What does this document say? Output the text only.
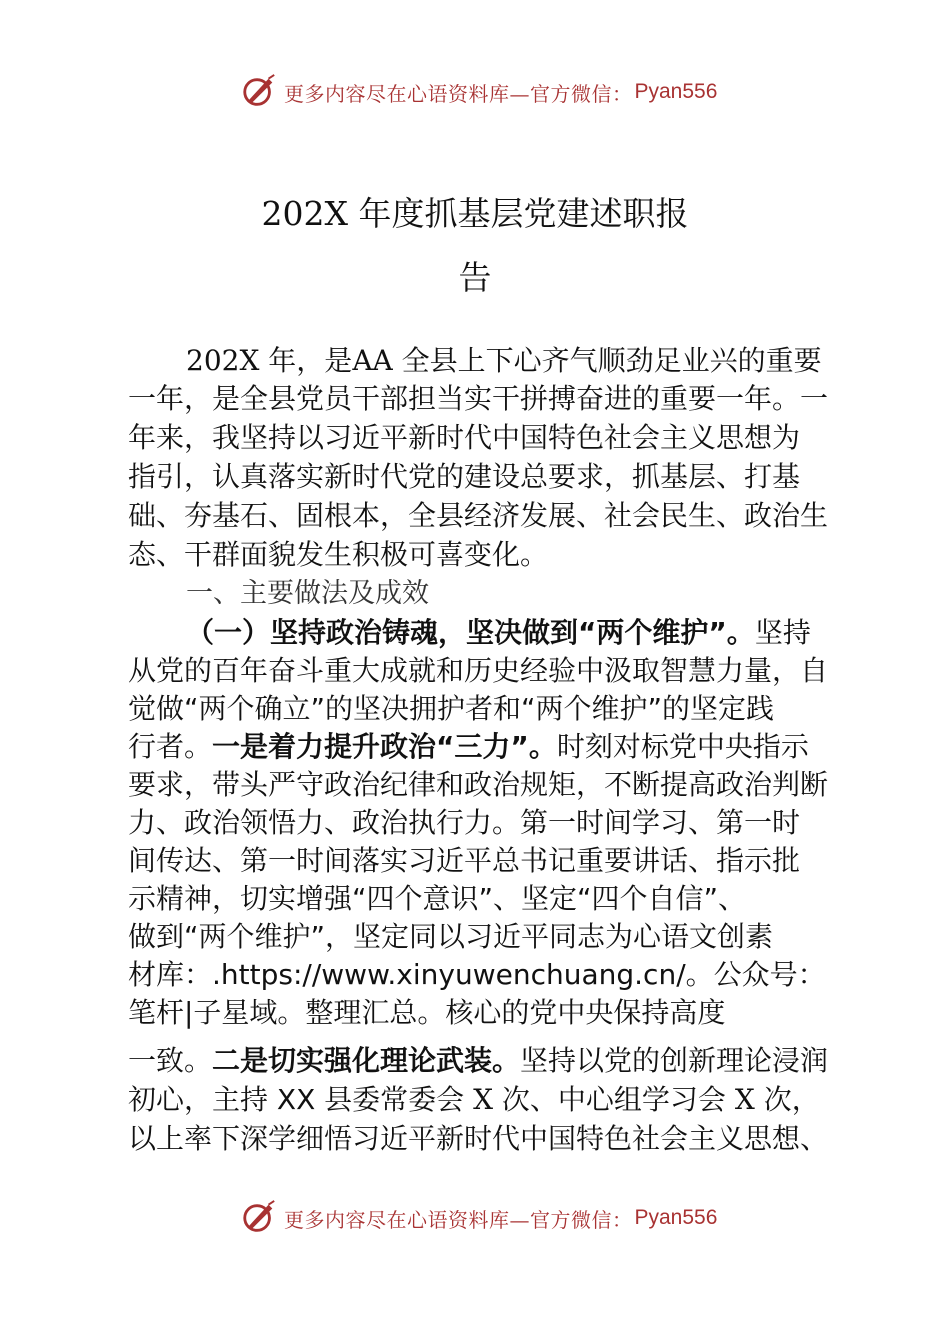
更多内容尽在心语资料库—官方微信： Pyan556
202X 年度抓基层党建述职报
告
202X 年，是AA 全县上下心齐气顺劲足业兴的重要
一年，是全县党员干部担当实干拼搏奋进的重要一年。一
年来，我坚持以习近平新时代中国特色社会主义思想为
指引，认真落实新时代党的建设总要求，抓基层、打基
础、夯基石、固根本，全县经济发展、社会民生、政治生
态、干群面貌发生积极可喜变化。
一、主要做法及成效
（一）坚持政治铸魂，坚决做到“两个维护”。坚持
从党的百年奋斗重大成就和历史经验中汲取智慧力量，自
觉做“两个确立”的坚决拥护者和“两个维护”的坚定践
行者。一是着力提升政治“三力”。时刻对标党中央指示
要求，带头严守政治纪律和政治规矩，不断提高政治判断
力、政治领悟力、政治执行力。第一时间学习、第一时
间传达、第一时间落实习近平总书记重要讲话、指示批
示精神，切实增强“四个意识”、坚定“四个自信”、
做到“两个维护”，坚定同以习近平同志为心语文创素
材库：.https://www.xinyuwenchuang.cn/。公众号：
笔杆|子星域。整理汇总。核心的党中央保持高度
一致。二是切实强化理论武装。坚持以党的创新理论浸润
初心，主持 XX 县委常委会 X 次、中心组学习会 X 次，
以上率下深学细悟习近平新时代中国特色社会主义思想、
更多内容尽在心语资料库—官方微信： Pyan556
